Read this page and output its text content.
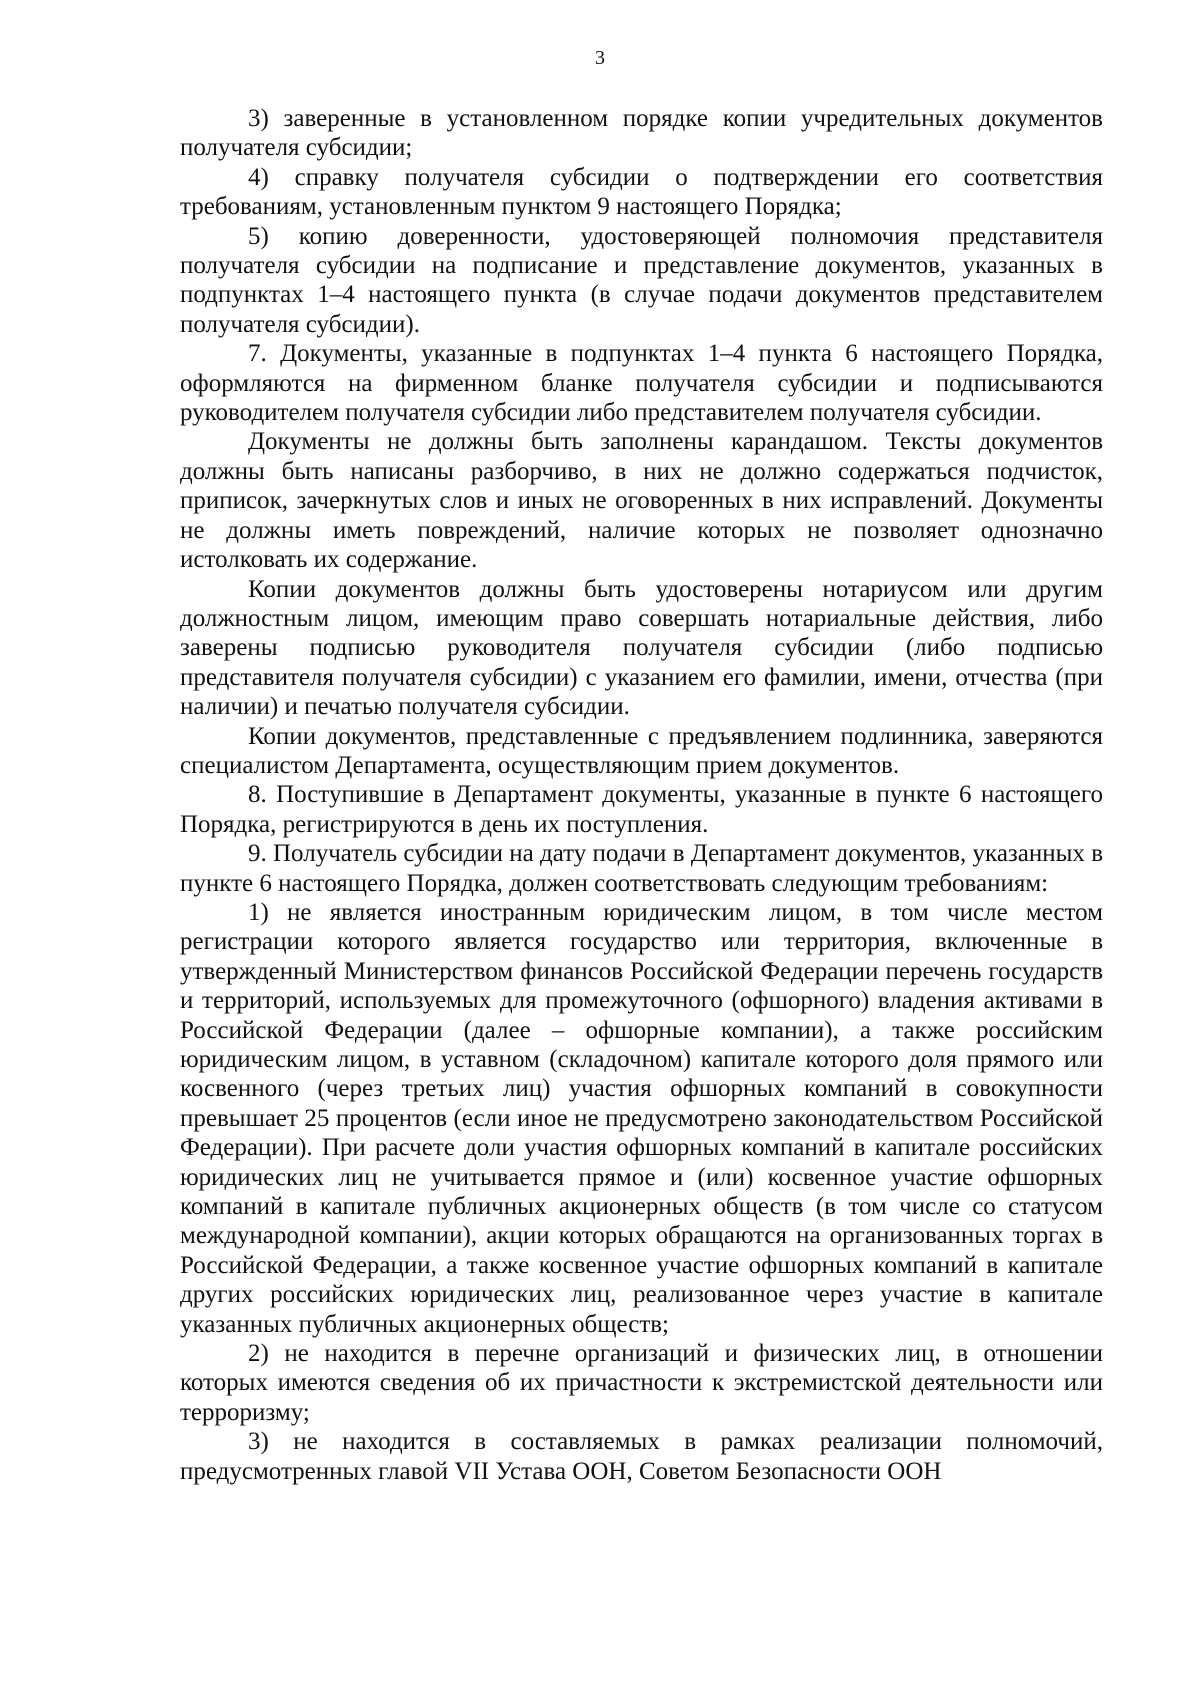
3

3) заверенные в установленном порядке копии учредительных документов получателя субсидии;

4) справку получателя субсидии о подтверждении его соответствия требованиям, установленным пунктом 9 настоящего Порядка;

5) копию доверенности, удостоверяющей полномочия представителя получателя субсидии на подписание и представление документов, указанных в подпунктах 1–4 настоящего пункта (в случае подачи документов представителем получателя субсидии).

7. Документы, указанные в подпунктах 1–4 пункта 6 настоящего Порядка, оформляются на фирменном бланке получателя субсидии и подписываются руководителем получателя субсидии либо представителем получателя субсидии.

Документы не должны быть заполнены карандашом. Тексты документов должны быть написаны разборчиво, в них не должно содержаться подчисток, приписок, зачеркнутых слов и иных не оговоренных в них исправлений. Документы не должны иметь повреждений, наличие которых не позволяет однозначно истолковать их содержание.

Копии документов должны быть удостоверены нотариусом или другим должностным лицом, имеющим право совершать нотариальные действия, либо заверены подписью руководителя получателя субсидии (либо подписью представителя получателя субсидии) с указанием его фамилии, имени, отчества (при наличии) и печатью получателя субсидии.

Копии документов, представленные с предъявлением подлинника, заверяются специалистом Департамента, осуществляющим прием документов.

8. Поступившие в Департамент документы, указанные в пункте 6 настоящего Порядка, регистрируются в день их поступления.

9. Получатель субсидии на дату подачи в Департамент документов, указанных в пункте 6 настоящего Порядка, должен соответствовать следующим требованиям:

1) не является иностранным юридическим лицом, в том числе местом регистрации которого является государство или территория, включенные в утвержденный Министерством финансов Российской Федерации перечень государств и территорий, используемых для промежуточного (офшорного) владения активами в Российской Федерации (далее – офшорные компании), а также российским юридическим лицом, в уставном (складочном) капитале которого доля прямого или косвенного (через третьих лиц) участия офшорных компаний в совокупности превышает 25 процентов (если иное не предусмотрено законодательством Российской Федерации). При расчете доли участия офшорных компаний в капитале российских юридических лиц не учитывается прямое и (или) косвенное участие офшорных компаний в капитале публичных акционерных обществ (в том числе со статусом международной компании), акции которых обращаются на организованных торгах в Российской Федерации, а также косвенное участие офшорных компаний в капитале других российских юридических лиц, реализованное через участие в капитале указанных публичных акционерных обществ;

2) не находится в перечне организаций и физических лиц, в отношении которых имеются сведения об их причастности к экстремистской деятельности или терроризму;

3) не находится в составляемых в рамках реализации полномочий, предусмотренных главой VII Устава ООН, Советом Безопасности ООН
